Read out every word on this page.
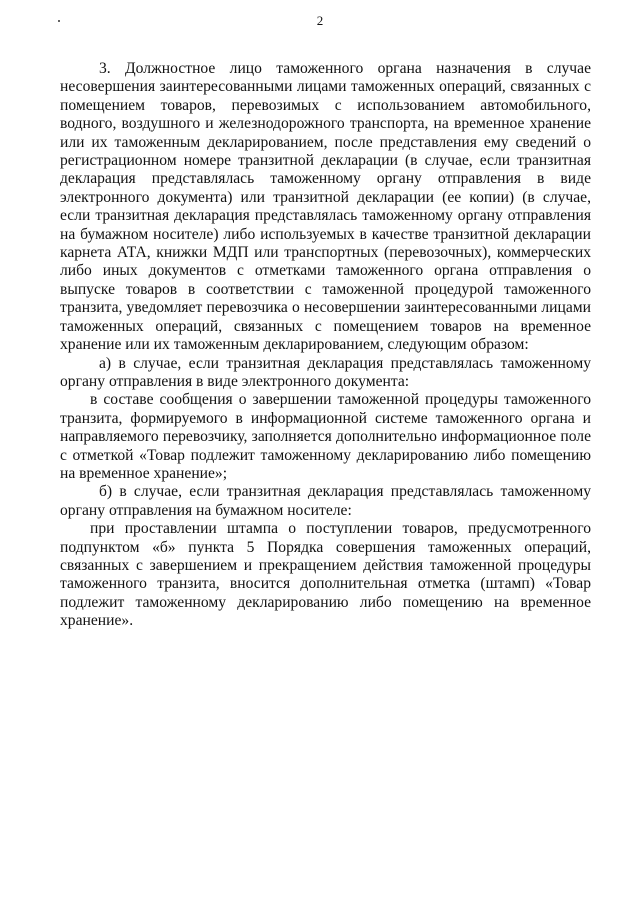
2

3. Должностное лицо таможенного органа назначения в случае несовершения заинтересованными лицами таможенных операций, связанных с помещением товаров, перевозимых с использованием автомобильного, водного, воздушного и железнодорожного транспорта, на временное хранение или их таможенным декларированием, после представления ему сведений о регистрационном номере транзитной декларации (в случае, если транзитная декларация представлялась таможенному органу отправления в виде электронного документа) или транзитной декларации (ее копии) (в случае, если транзитная декларация представлялась таможенному органу отправления на бумажном носителе) либо используемых в качестве транзитной декларации карнета АТА, книжки МДП или транспортных (перевозочных), коммерческих либо иных документов с отметками таможенного органа отправления о выпуске товаров в соответствии с таможенной процедурой таможенного транзита, уведомляет перевозчика о несовершении заинтересованными лицами таможенных операций, связанных с помещением товаров на временное хранение или их таможенным декларированием, следующим образом:

а) в случае, если транзитная декларация представлялась таможенному органу отправления в виде электронного документа:

в составе сообщения о завершении таможенной процедуры таможенного транзита, формируемого в информационной системе таможенного органа и направляемого перевозчику, заполняется дополнительно информационное поле с отметкой «Товар подлежит таможенному декларированию либо помещению на временное хранение»;

б) в случае, если транзитная декларация представлялась таможенному органу отправления на бумажном носителе:

при проставлении штампа о поступлении товаров, предусмотренного подпунктом «б» пункта 5 Порядка совершения таможенных операций, связанных с завершением и прекращением действия таможенной процедуры таможенного транзита, вносится дополнительная отметка (штамп) «Товар подлежит таможенному декларированию либо помещению на временное хранение».
